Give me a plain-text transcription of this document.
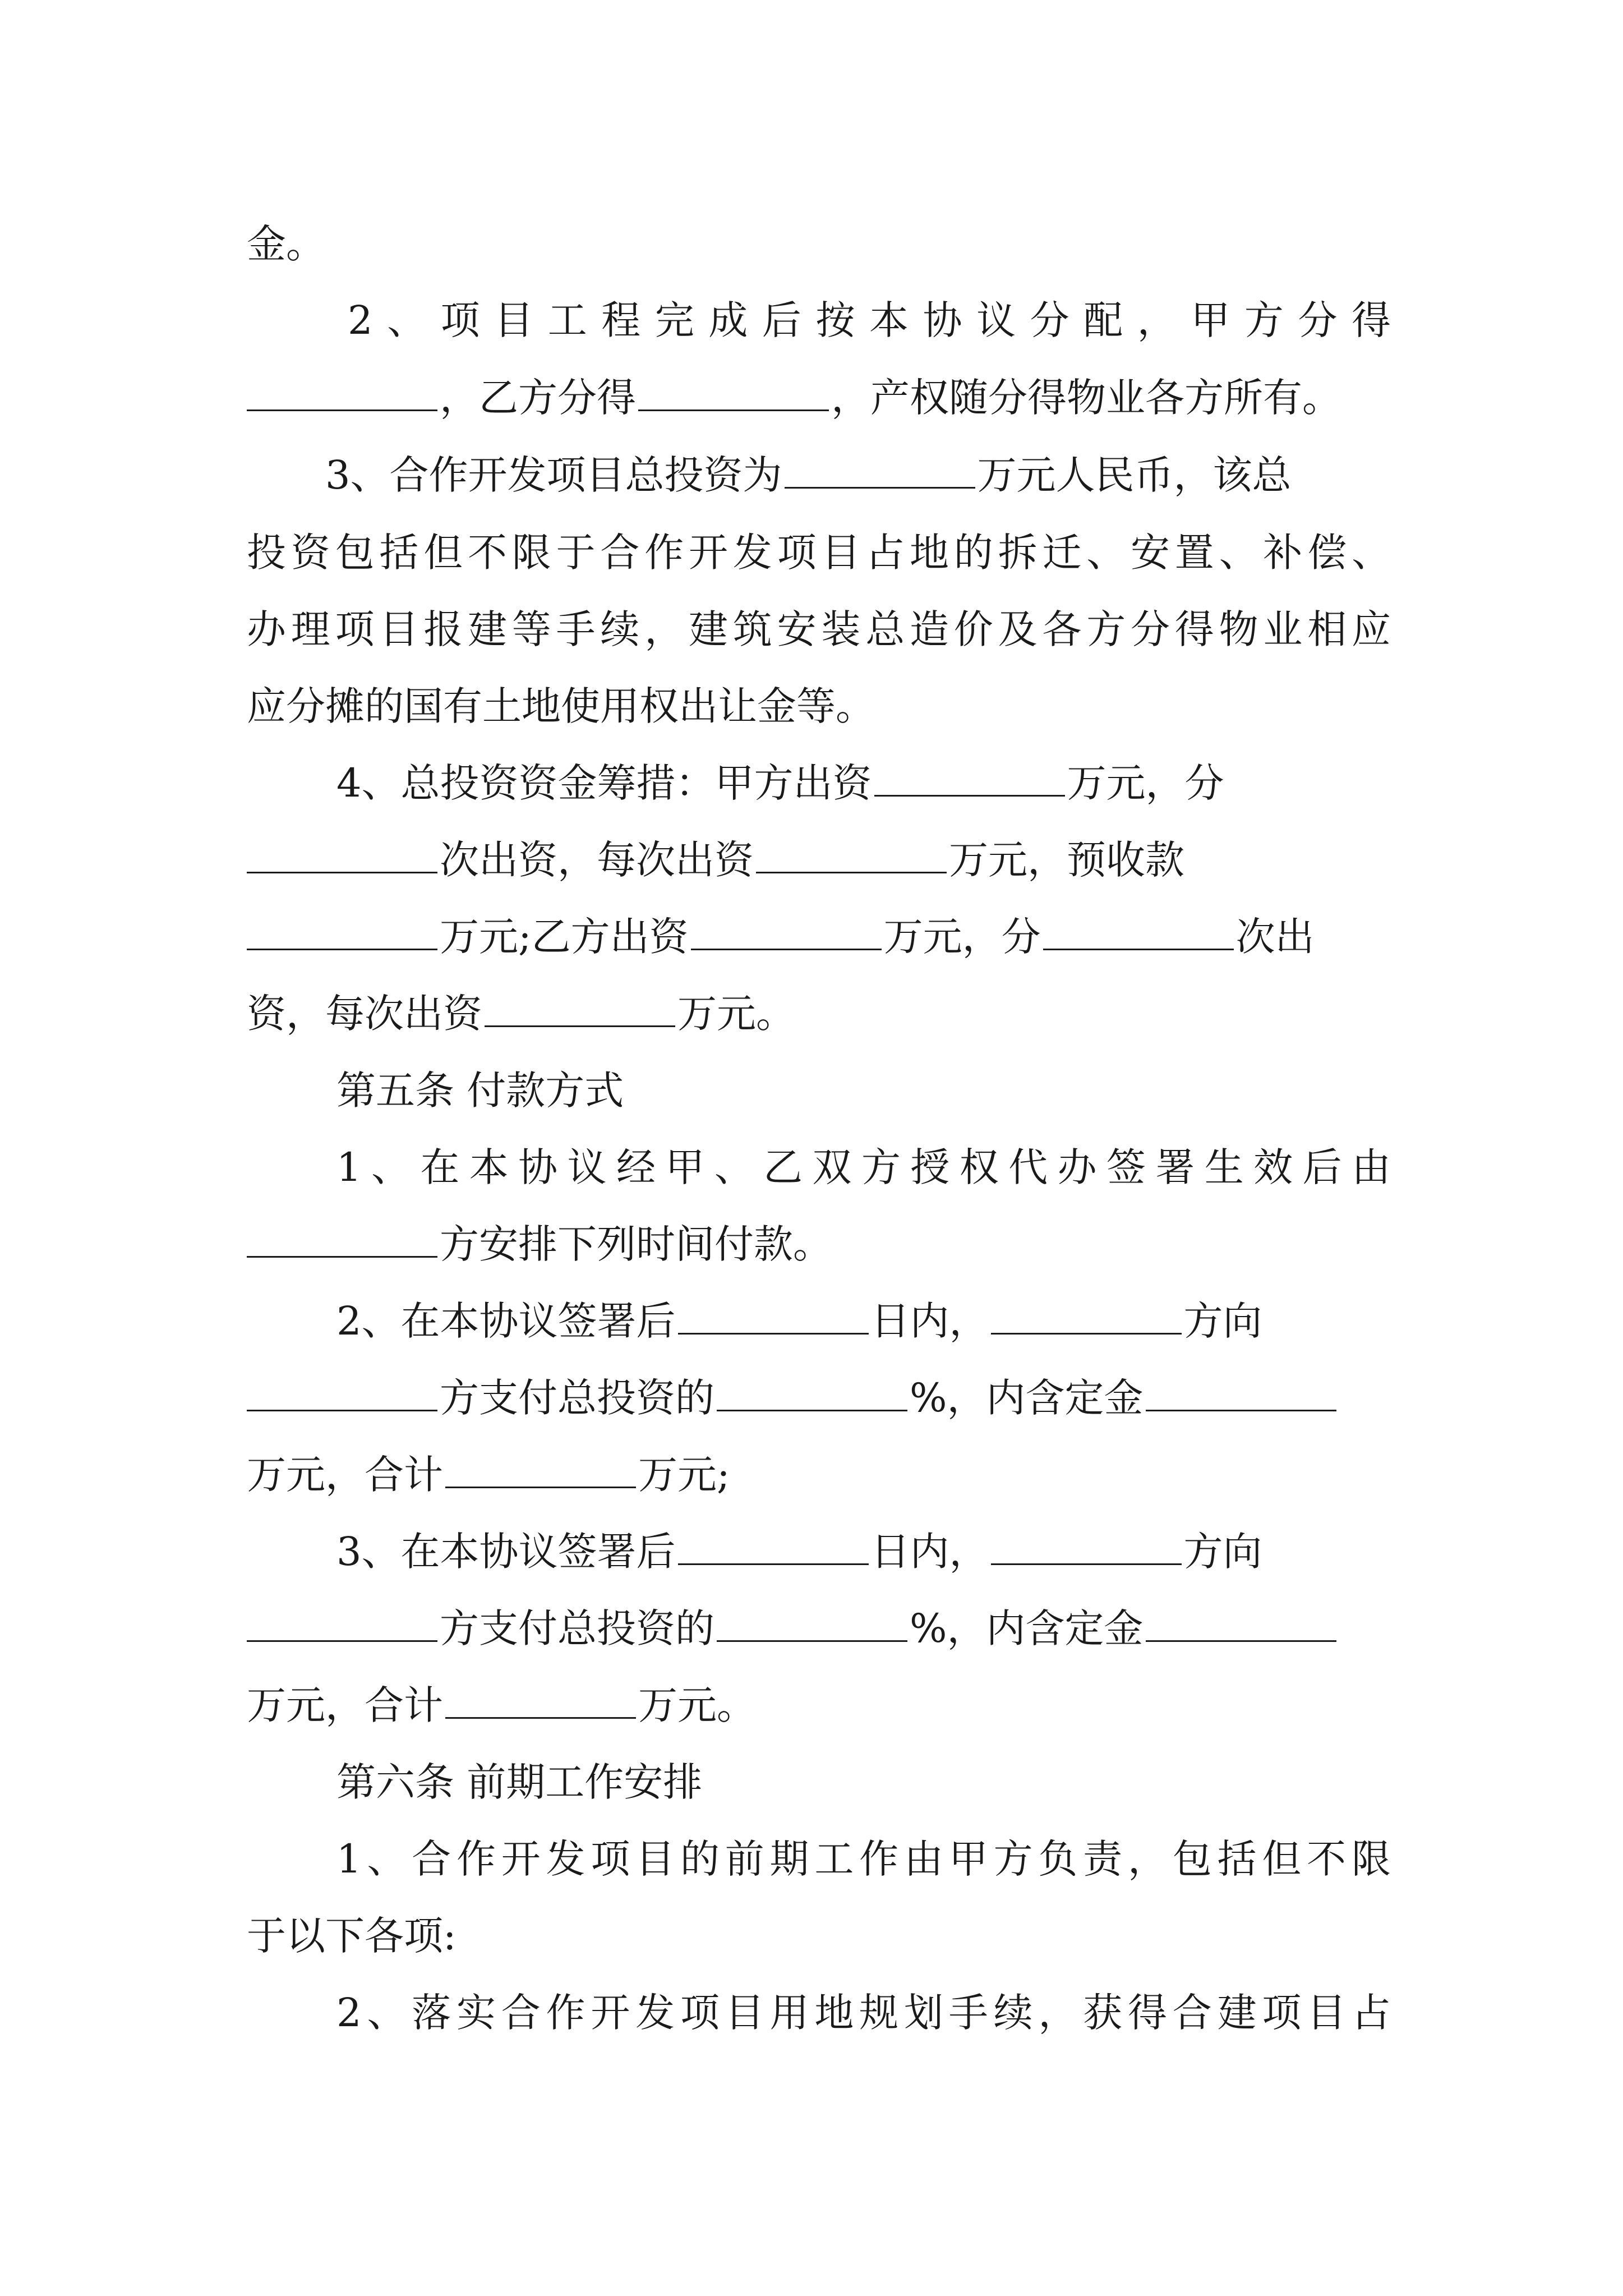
金。
2、项目工程完成后按本协议分配，甲方分得
，乙方分得	，产权随分得物业各方所有。
3、合作开发项目总投资为	万元人民币，该总
投资包括但不限于合作开发项目占地的拆迁、安置、补偿、
办理项目报建等手续，建筑安装总造价及各方分得物业相应
应分摊的国有土地使用权出让金等。
4、总投资资金筹措：甲方出资	万元，分
次出资，每次出资	万元，预收款
万元;乙方出资	万元，分	次出
资，每次出资	万元。
第五条 付款方式
1、在本协议经甲、乙双方授权代办签署生效后由
方安排下列时间付款。
2、在本协议签署后	日内，	方向
方支付总投资的	%，内含定金
万元，合计	万元;
3、在本协议签署后	日内，	方向
方支付总投资的	%，内含定金
万元，合计	万元。
第六条 前期工作安排
1、合作开发项目的前期工作由甲方负责，包括但不限
于以下各项:
2、落实合作开发项目用地规划手续，获得合建项目占
